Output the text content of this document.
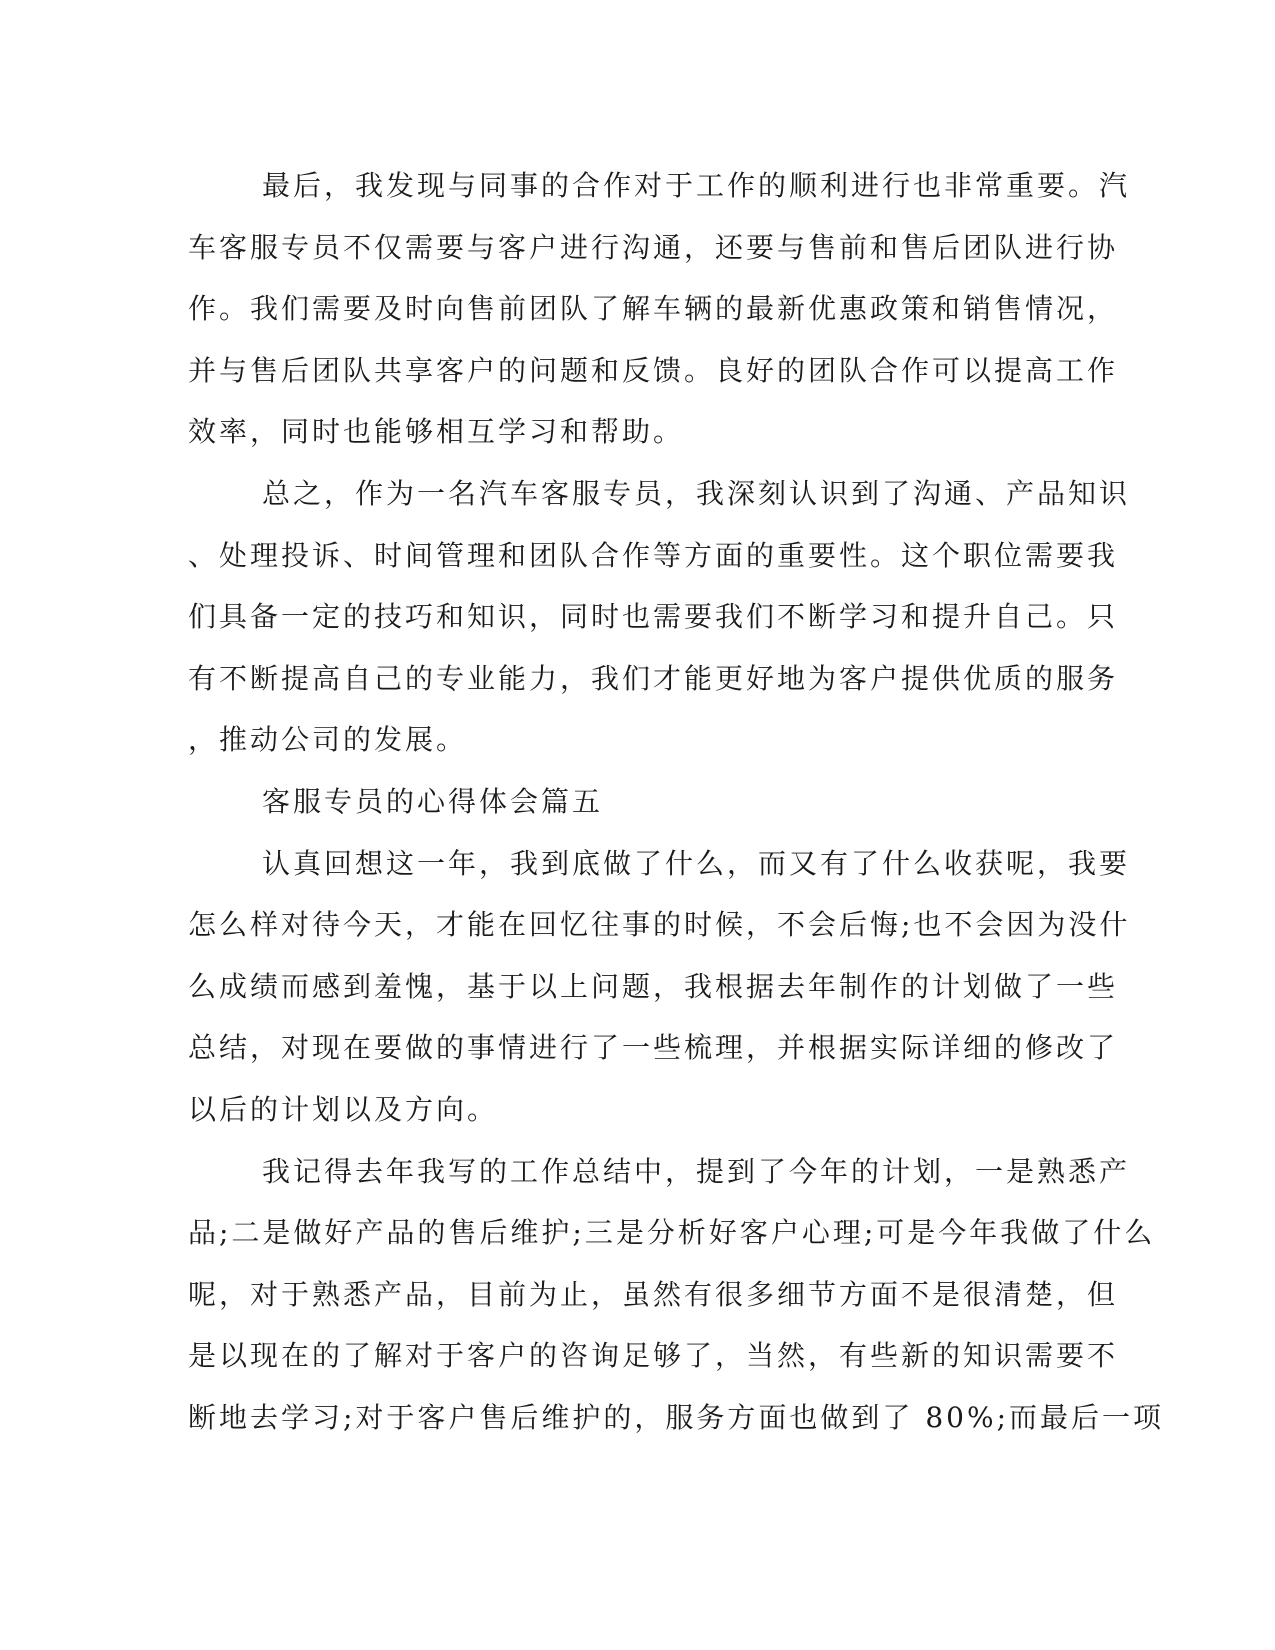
最后，我发现与同事的合作对于工作的顺利进行也非常重要。汽
车客服专员不仅需要与客户进行沟通，还要与售前和售后团队进行协
作。我们需要及时向售前团队了解车辆的最新优惠政策和销售情况，
并与售后团队共享客户的问题和反馈。良好的团队合作可以提高工作
效率，同时也能够相互学习和帮助。
总之，作为一名汽车客服专员，我深刻认识到了沟通、产品知识
、处理投诉、时间管理和团队合作等方面的重要性。这个职位需要我
们具备一定的技巧和知识，同时也需要我们不断学习和提升自己。只
有不断提高自己的专业能力，我们才能更好地为客户提供优质的服务
，推动公司的发展。
客服专员的心得体会篇五
认真回想这一年，我到底做了什么，而又有了什么收获呢，我要
怎么样对待今天，才能在回忆往事的时候，不会后悔;也不会因为没什
么成绩而感到羞愧，基于以上问题，我根据去年制作的计划做了一些
总结，对现在要做的事情进行了一些梳理，并根据实际详细的修改了
以后的计划以及方向。
我记得去年我写的工作总结中，提到了今年的计划，一是熟悉产
品;二是做好产品的售后维护;三是分析好客户心理;可是今年我做了什么
呢，对于熟悉产品，目前为止，虽然有很多细节方面不是很清楚，但
是以现在的了解对于客户的咨询足够了，当然，有些新的知识需要不
断地去学习;对于客户售后维护的，服务方面也做到了 80%;而最后一项
